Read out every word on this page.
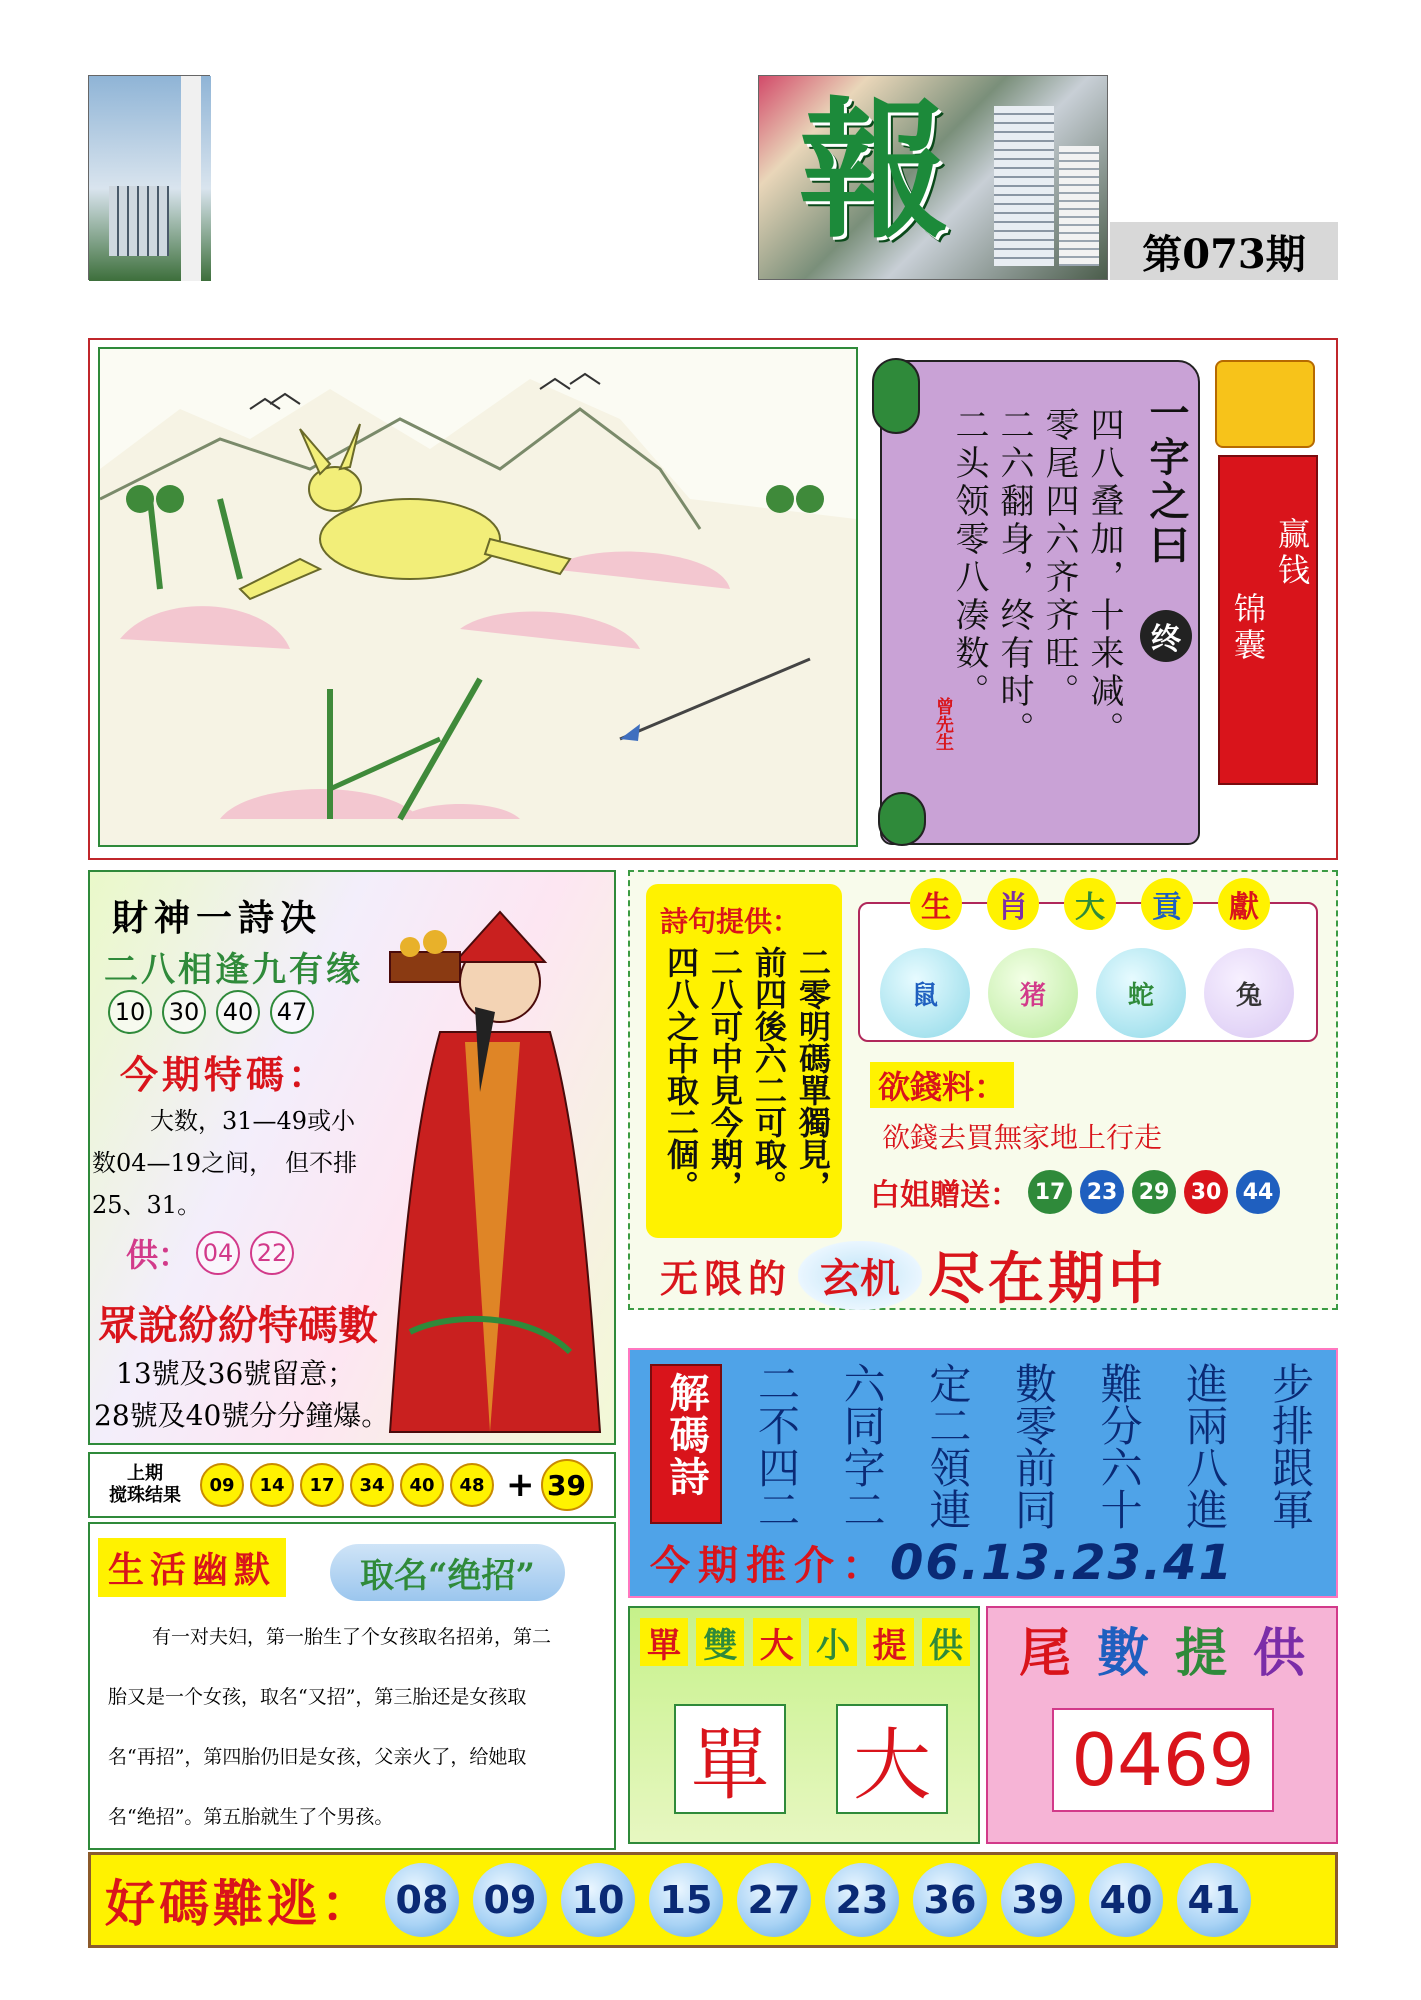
報	第073期
一字之曰
终
四八叠加，十来减。
零尾四六齐齐旺。
二六翻身，终有时。
二头领零八凑数。
曾先生
赢钱
锦囊
財神一詩决
二八相逢九有缘
10 30 40 47
今期特碼：
大数，31—49或小数04—19之间，　但不排25、31。
供： 04 22
眾說紛紛特碼數
13號及36號留意；
28號及40號分分鐘爆。
上期
搅珠结果	09	14	17	34	40	48 + 39
生活幽默	取名“绝招”
有一对夫妇，第一胎生了个女孩取名招弟，第二
胎又是一个女孩，取名“又招”，第三胎还是女孩取
名“再招”，第四胎仍旧是女孩，父亲火了，给她取
名“绝招”。第五胎就生了个男孩。
詩句提供：
二零明碼單獨見，
前四後六二可取。
二八可中見今期，
四八之中取二個。
生	肖	大	貢	獻
鼠	猪	蛇	兔
欲錢料：
欲錢去買無家地上行走
白姐贈送： 17 23 29 30 44
无限的 玄机 尽在期中
解碼詩	步排跟軍
進兩八進
難分六十
數零前同
定二領連
六同字二
二不四二
今期推介： 06.13.23.41
單 雙 大 小 提 供
單 大
尾 數 提 供
0469
好碼難逃： 08 09 10 15 27 23 36 39 40 41
